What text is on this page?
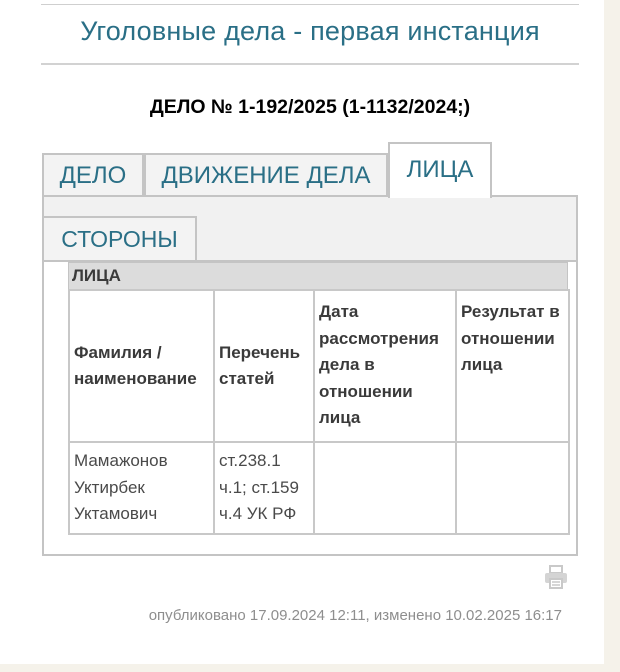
Уголовные дела - первая инстанция
ДЕЛО № 1-192/2025 (1-1132/2024;)
ДЕЛО	ДВИЖЕНИЕ ДЕЛА	ЛИЦА
СТОРОНЫ
ЛИЦА
Фамилия / наименование	Перечень статей	Дата рассмотрения дела в отношении лица	Результат в отношении лица
Мамажонов Уктирбек Уктамович	ст.238.1 ч.1; ст.159 ч.4 УК РФ		
опубликовано 17.09.2024 12:11, изменено 10.02.2025 16:17
